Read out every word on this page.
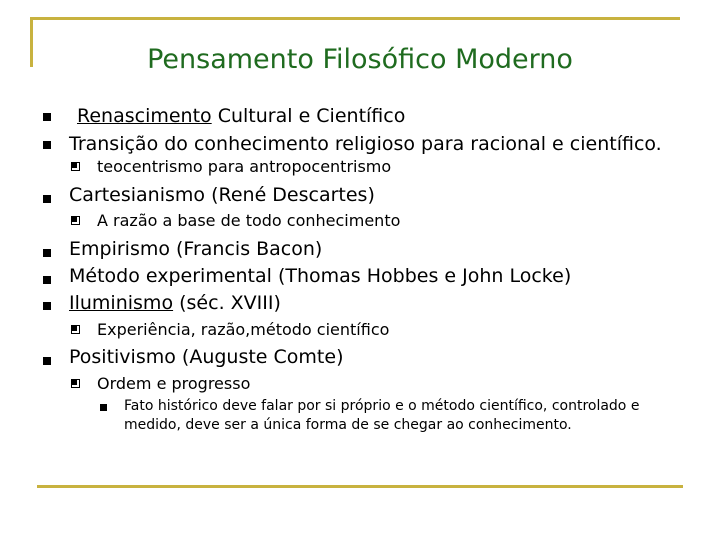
Pensamento Filosófico Moderno
Renascimento Cultural e Científico
Transição do conhecimento religioso para racional e científico.
teocentrismo para antropocentrismo
Cartesianismo (René Descartes)
A razão a base de todo conhecimento
Empirismo (Francis Bacon)
Método experimental (Thomas Hobbes e John Locke)
Iluminismo (séc. XVIII)
Experiência, razão,método científico
Positivismo (Auguste Comte)
Ordem e progresso
Fato histórico deve falar por si próprio e o método científico, controlado e medido, deve ser a única forma de se chegar ao conhecimento.
